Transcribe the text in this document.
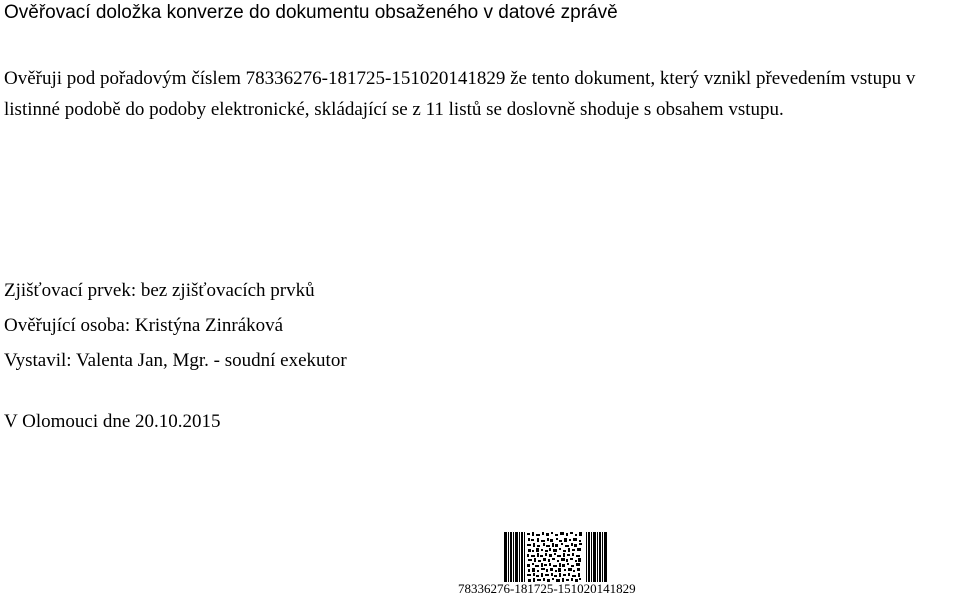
Ověřovací doložka konverze do dokumentu obsaženého v datové zprávě
Ověřuji pod pořadovým číslem 78336276-181725-151020141829 že tento dokument, který vznikl převedením vstupu v listinné podobě do podoby elektronické, skládající se z 11 listů se doslovně shoduje s obsahem vstupu.
Zjišťovací prvek: bez zjišťovacích prvků
Ověřující osoba: Kristýna Zinráková
Vystavil: Valenta Jan, Mgr. - soudní exekutor
V Olomouci dne 20.10.2015
78336276-181725-151020141829
